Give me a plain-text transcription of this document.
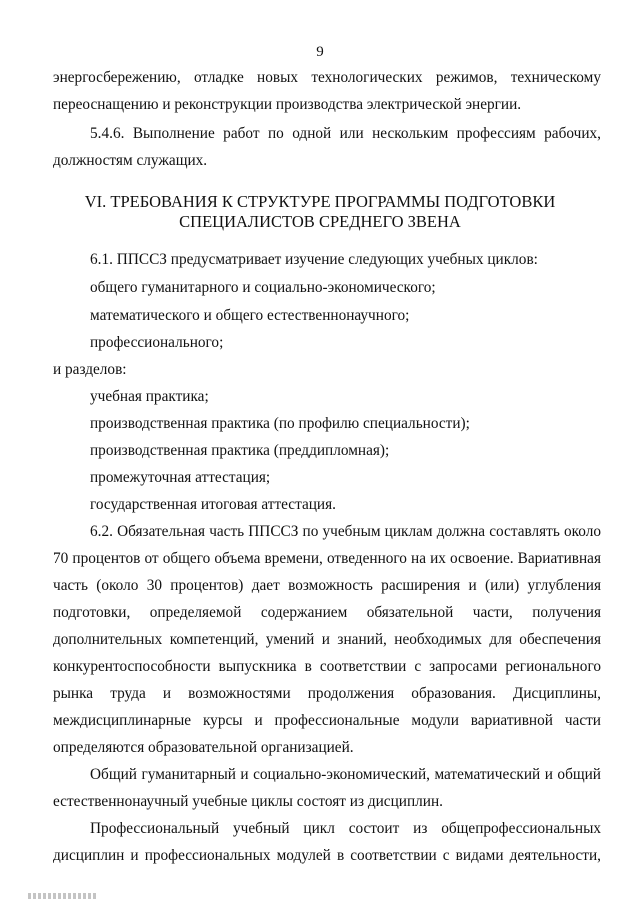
9
энергосбережению, отладке новых технологических режимов, техническому
переоснащению и реконструкции производства электрической энергии.
5.4.6. Выполнение работ по одной или нескольким профессиям рабочих,
должностям служащих.
VI. ТРЕБОВАНИЯ К СТРУКТУРЕ ПРОГРАММЫ ПОДГОТОВКИ
СПЕЦИАЛИСТОВ СРЕДНЕГО ЗВЕНА
6.1. ППССЗ предусматривает изучение следующих учебных циклов:
общего гуманитарного и социально-экономического;
математического и общего естественнонаучного;
профессионального;
и разделов:
учебная практика;
производственная практика (по профилю специальности);
производственная практика (преддипломная);
промежуточная аттестация;
государственная итоговая аттестация.
6.2. Обязательная часть ППССЗ по учебным циклам должна составлять около
70 процентов от общего объема времени, отведенного на их освоение. Вариативная
часть (около 30 процентов) дает возможность расширения и (или) углубления
подготовки, определяемой содержанием обязательной части, получения
дополнительных компетенций, умений и знаний, необходимых для обеспечения
конкурентоспособности выпускника в соответствии с запросами регионального
рынка труда и возможностями продолжения образования. Дисциплины,
междисциплинарные курсы и профессиональные модули вариативной части
определяются образовательной организацией.
Общий гуманитарный и социально-экономический, математический и общий
естественнонаучный учебные циклы состоят из дисциплин.
Профессиональный учебный цикл состоит из общепрофессиональных
дисциплин и профессиональных модулей в соответствии с видами деятельности,
